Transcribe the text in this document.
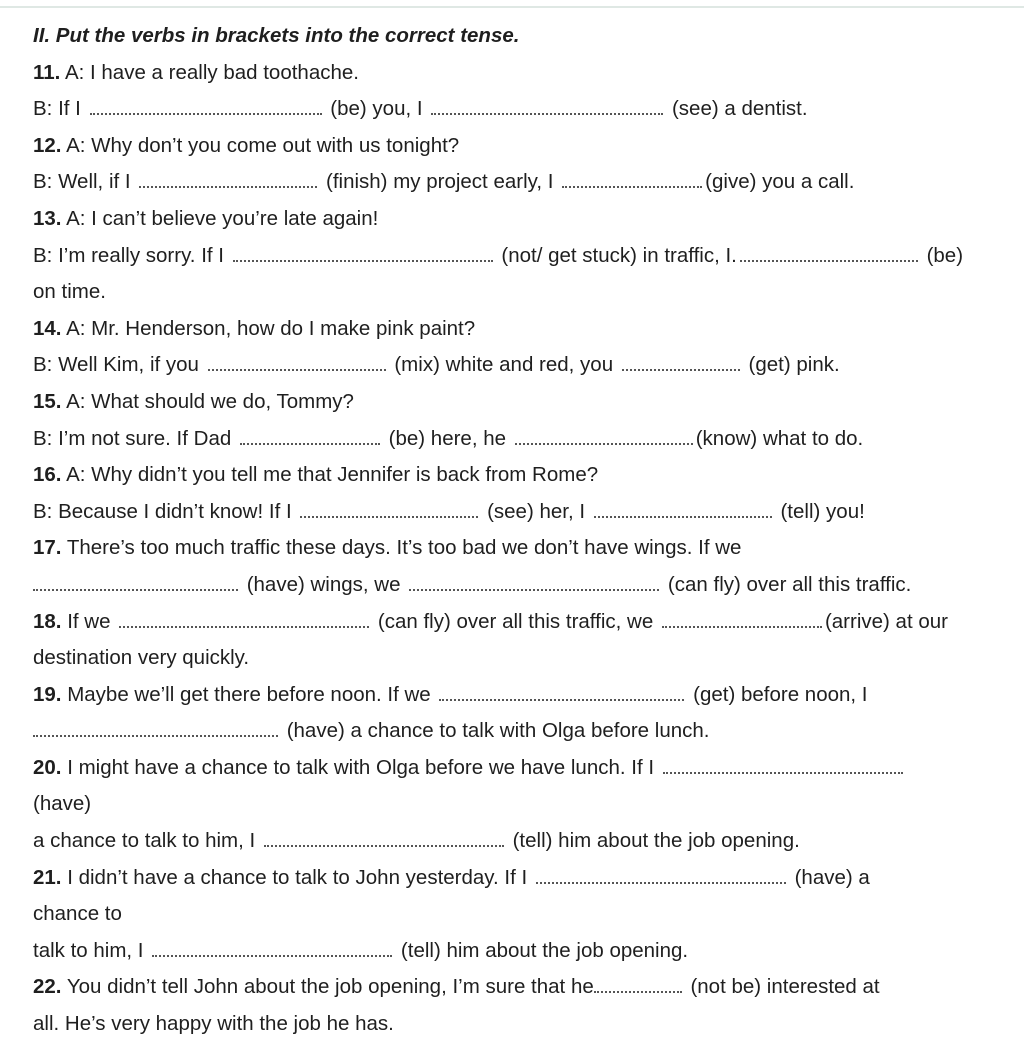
II. Put the verbs in brackets into the correct tense.
11. A: I have a really bad toothache.
B: If I	(be) you, I	(see) a dentist.
12. A: Why don’t you come out with us tonight?
B: Well, if I	(finish) my project early, I	(give) you a call.
13. A: I can’t believe you’re late again!
B: I’m really sorry. If I	(not/ get stuck) in traffic, I.	(be)
on time.
14. A: Mr. Henderson, how do I make pink paint?
B: Well Kim, if you	(mix) white and red, you	(get) pink.
15. A: What should we do, Tommy?
B: I’m not sure. If Dad	(be) here, he	(know) what to do.
16. A: Why didn’t you tell me that Jennifer is back from Rome?
B: Because I didn’t know! If I	(see) her, I	(tell) you!
17. There’s too much traffic these days. It’s too bad we don’t have wings. If we
(have) wings, we	(can fly) over all this traffic.
18. If we	(can fly) over all this traffic, we	(arrive) at our
destination very quickly.
19. Maybe we’ll get there before noon. If we	(get) before noon, I
(have) a chance to talk with Olga before lunch.
20. I might have a chance to talk with Olga before we have lunch. If I
(have)
a chance to talk to him, I	(tell) him about the job opening.
21. I didn’t have a chance to talk to John yesterday. If I	(have) a
chance to
talk to him, I	(tell) him about the job opening.
22. You didn’t tell John about the job opening, I’m sure that he	(not be) interested at
all. He’s very happy with the job he has.
